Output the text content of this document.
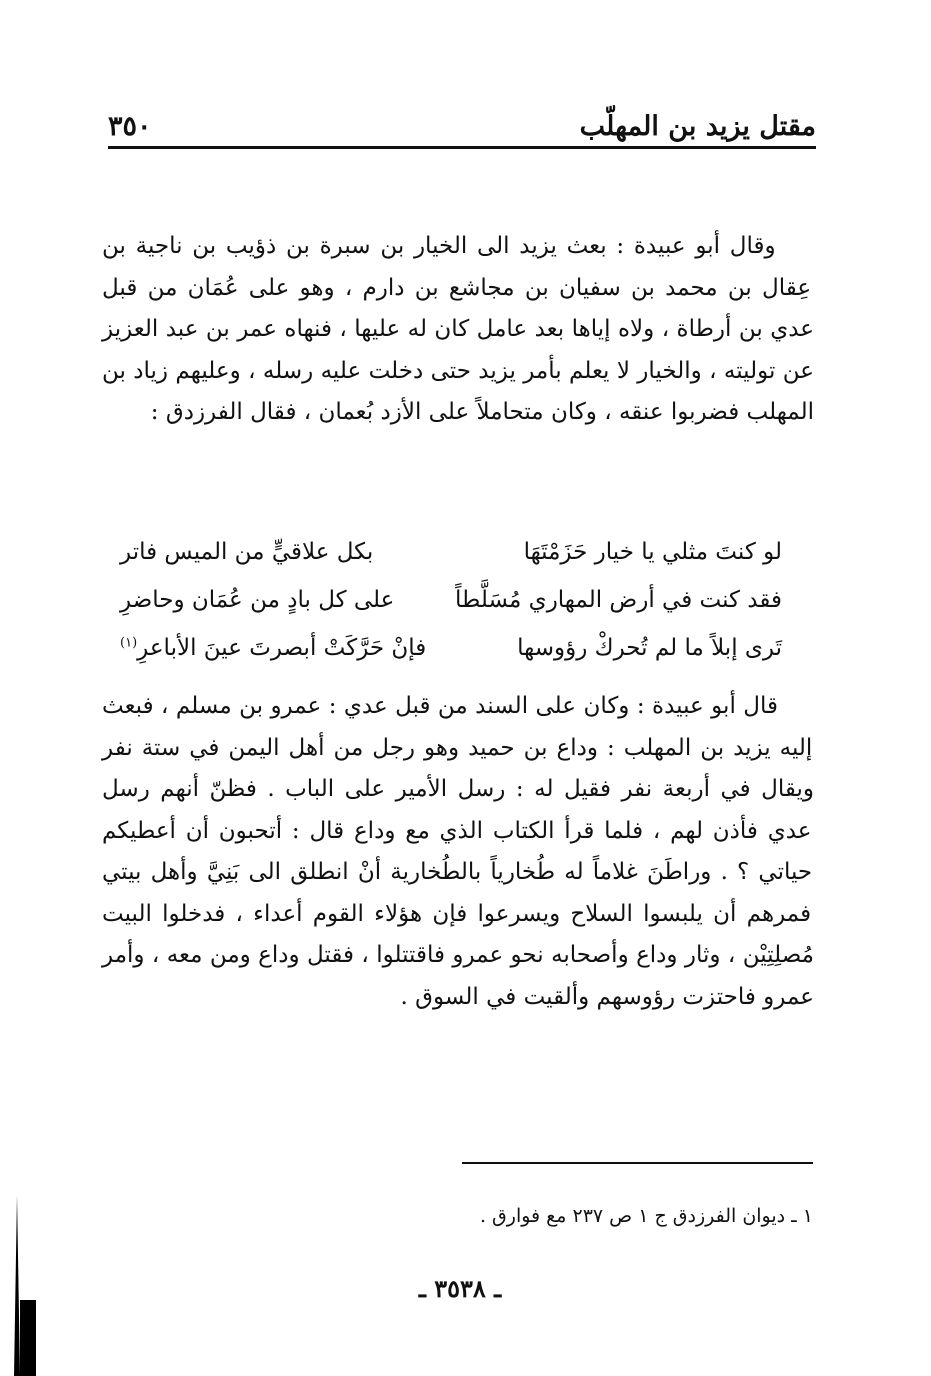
مقتل يزيد بن المهلّب
٣٥٠

وقال أبو عبيدة : بعث يزيد الى الخيار بن سبرة بن ذؤيب بن ناجية بن عِقال بن محمد بن سفيان بن مجاشع بن دارم ، وهو على عُمَان من قبل عدي بن أرطاة ، ولاه إياها بعد عامل كان له عليها ، فنهاه عمر بن عبد العزيز عن توليته ، والخيار لا يعلم بأمر يزيد حتى دخلت عليه رسله ، وعليهم زياد بن المهلب فضربوا عنقه ، وكان متحاملاً على الأزد بُعمان ، فقال الفرزدق :

لو كنتَ مثلي يا خيار حَزَمْتَهَا
بكل علاقيٍّ من الميس فاتر
فقد كنت في أرض المهاري مُسَلَّطاً
على كل بادٍ من عُمَان وحاضرِ
تَرى إبلاً ما لم تُحركْ رؤوسها
فإنْ حَرَّكَتْ أبصرتَ عينَ الأباعرِ$^{(١)}$

قال أبو عبيدة : وكان على السند من قبل عدي : عمرو بن مسلم ، فبعث إليه يزيد بن المهلب : وداع بن حميد وهو رجل من أهل اليمن في ستة نفر ويقال في أربعة نفر فقيل له : رسل الأمير على الباب . فظنّ أنهم رسل عدي فأذن لهم ، فلما قرأ الكتاب الذي مع وداع قال : أتحبون أن أعطيكم حياتي ؟ . وراطَنَ غلاماً له طُخارياً بالطُخارية أنْ انطلق الى بَنِيَّ وأهل بيتي فمرهم أن يلبسوا السلاح ويسرعوا فإن هؤلاء القوم أعداء ، فدخلوا البيت مُصلِتِيْن ، وثار وداع وأصحابه نحو عمرو فاقتتلوا ، فقتل وداع ومن معه ، وأمر عمرو فاحتزت رؤوسهم وألقيت في السوق .

١ ـ ديوان الفرزدق ج ١ ص ٢٣٧ مع فوارق .
ـ ٣٥٣٨ ـ
